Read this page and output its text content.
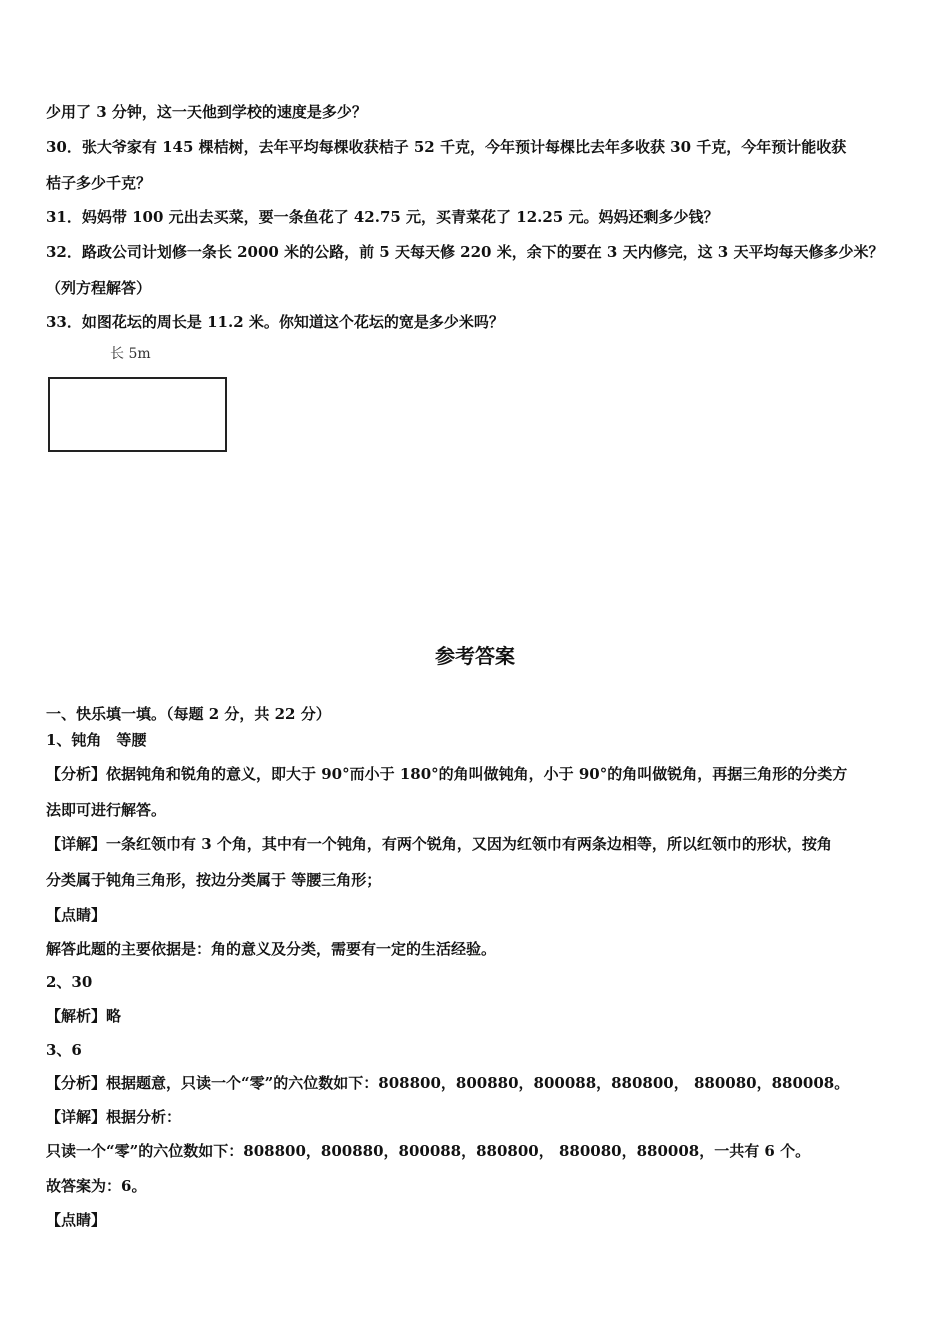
少用了 3 分钟，这一天他到学校的速度是多少？
30．张大爷家有 145 棵桔树，去年平均每棵收获桔子 52 千克，今年预计每棵比去年多收获 30 千克，今年预计能收获
桔子多少千克？
31．妈妈带 100 元出去买菜，要一条鱼花了 42.75 元，买青菜花了 12.25 元。妈妈还剩多少钱？
32．路政公司计划修一条长 2000 米的公路，前 5 天每天修 220 米，余下的要在 3 天内修完，这 3 天平均每天修多少米？
（列方程解答）
33．如图花坛的周长是 11.2 米。你知道这个花坛的宽是多少米吗？
长 5m
参考答案
一、快乐填一填。（每题 2 分，共 22 分）
1、钝角　等腰
【分析】依据钝角和锐角的意义，即大于 90°而小于 180°的角叫做钝角，小于 90°的角叫做锐角，再据三角形的分类方
法即可进行解答。
【详解】一条红领巾有 3 个角，其中有一个钝角，有两个锐角，又因为红领巾有两条边相等，所以红领巾的形状，按角
分类属于钝角三角形，按边分类属于 等腰三角形；
【点睛】
解答此题的主要依据是：角的意义及分类，需要有一定的生活经验。
2、30
【解析】略
3、6
【分析】根据题意，只读一个“零”的六位数如下：808800，800880，800088，880800， 880080，880008。
【详解】根据分析：
只读一个“零”的六位数如下：808800，800880，800088，880800， 880080，880008，一共有 6 个。
故答案为：6。
【点睛】
